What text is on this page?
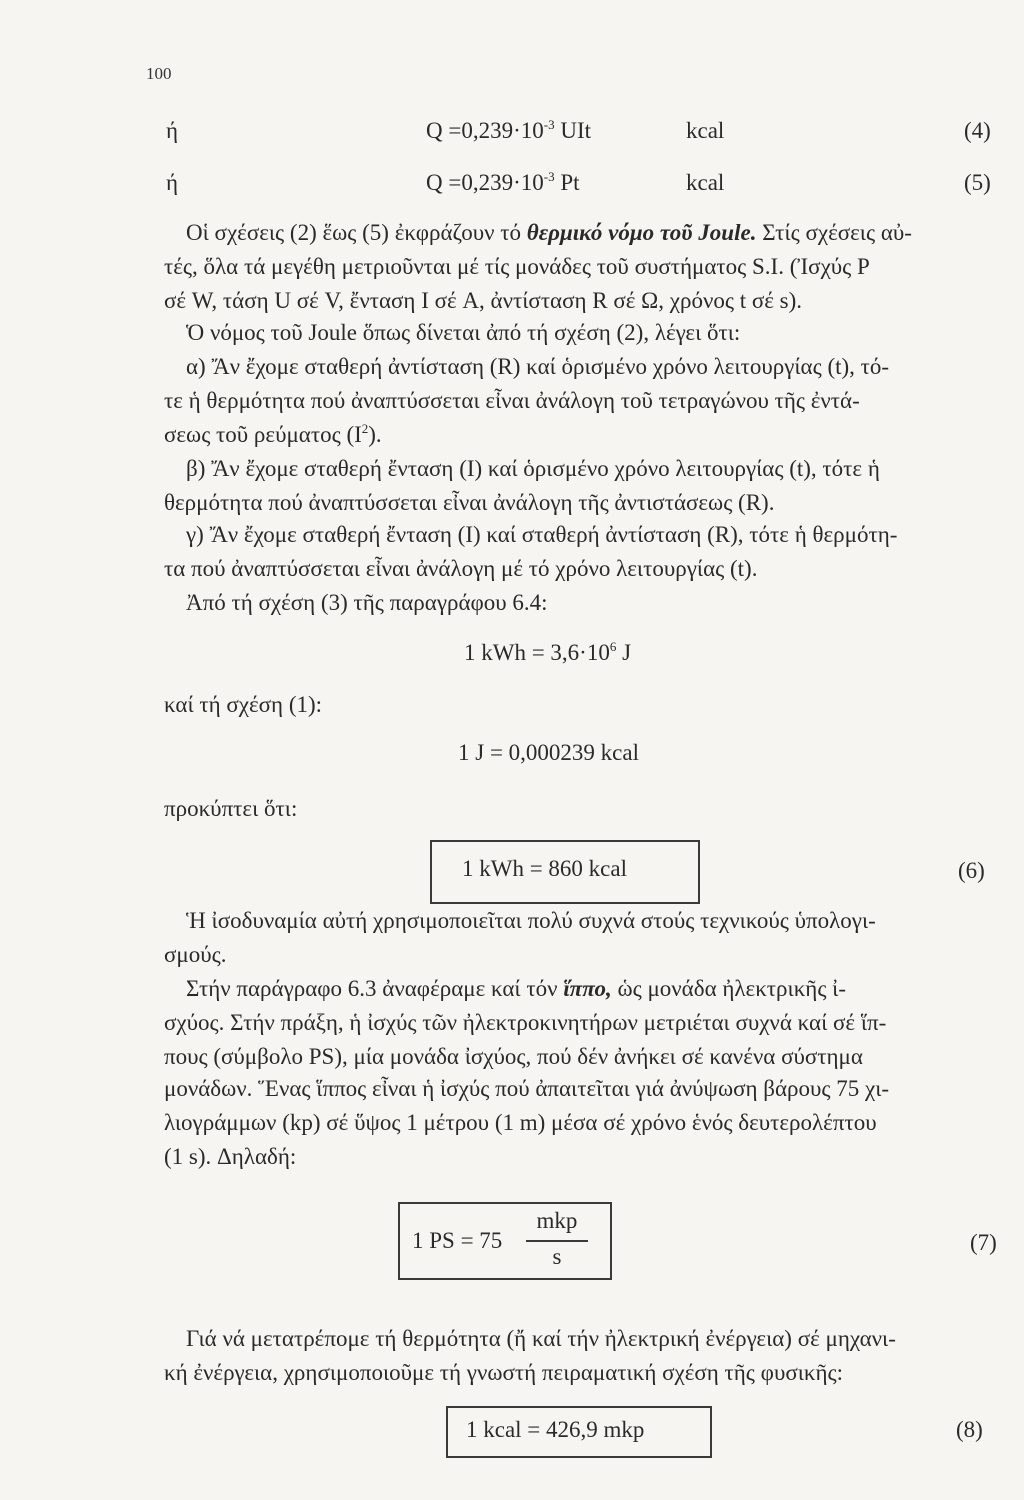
100
ή	$Q =0,239\cdot 10^{-3}$ UIt	kcal	(4)
ή	$Q =0,239\cdot 10^{-3}$ Pt	kcal	(5)
Οἱ σχέσεις (2) ἕως (5) ἐκφράζουν τό θερμικό νόμο τοῦ Joule. Στίς σχέσεις αὐ-
τές, ὅλα τά μεγέθη μετριοῦνται μέ τίς μονάδες τοῦ συστήματος S.I. (Ἰσχύς P
σέ W, τάση U σέ V, ἔνταση I σέ A, ἀντίσταση R σέ Ω, χρόνος t σέ s).
Ὁ νόμος τοῦ Joule ὅπως δίνεται ἀπό τή σχέση (2), λέγει ὅτι:
α) Ἄν ἔχομε σταθερή ἀντίσταση (R) καί ὁρισμένο χρόνο λειτουργίας (t), τό-
τε ἡ θερμότητα πού ἀναπτύσσεται εἶναι ἀνάλογη τοῦ τετραγώνου τῆς ἐντά-
σεως τοῦ ρεύματος $(I^2)$.
β) Ἄν ἔχομε σταθερή ἔνταση (I) καί ὁρισμένο χρόνο λειτουργίας (t), τότε ἡ
θερμότητα πού ἀναπτύσσεται εἶναι ἀνάλογη τῆς ἀντιστάσεως (R).
γ) Ἄν ἔχομε σταθερή ἔνταση (I) καί σταθερή ἀντίσταση (R), τότε ἡ θερμότη-
τα πού ἀναπτύσσεται εἶναι ἀνάλογη μέ τό χρόνο λειτουργίας (t).
Ἀπό τή σχέση (3) τῆς παραγράφου 6.4:
1 kWh = $3,6\cdot 10^6$ J
καί τή σχέση (1):
1 J = 0,000239 kcal
προκύπτει ὅτι:
1 kWh = 860 kcal	(6)
Ἡ ἰσοδυναμία αὐτή χρησιμοποιεῖται πολύ συχνά στούς τεχνικούς ὑπολογι-
σμούς.
Στήν παράγραφο 6.3 ἀναφέραμε καί τόν ἵππο, ὡς μονάδα ἠλεκτρικῆς ἰ-
σχύος. Στήν πράξη, ἡ ἰσχύς τῶν ἠλεκτροκινητήρων μετριέται συχνά καί σέ ἵπ-
πους (σύμβολο PS), μία μονάδα ἰσχύος, πού δέν ἀνήκει σέ κανένα σύστημα
μονάδων. Ἕνας ἵππος εἶναι ἡ ἰσχύς πού ἀπαιτεῖται γιά ἀνύψωση βάρους 75 χι-
λιογράμμων (kp) σέ ὕψος 1 μέτρου (1 m) μέσα σέ χρόνο ἑνός δευτερολέπτου
(1 s). Δηλαδή:
1 PS = 75
mkp
s
(7)
Γιά νά μετατρέπομε τή θερμότητα (ἤ καί τήν ἠλεκτρική ἐνέργεια) σέ μηχανι-
κή ἐνέργεια, χρησιμοποιοῦμε τή γνωστή πειραματική σχέση τῆς φυσικῆς:
1 kcal = 426,9 mkp	(8)
